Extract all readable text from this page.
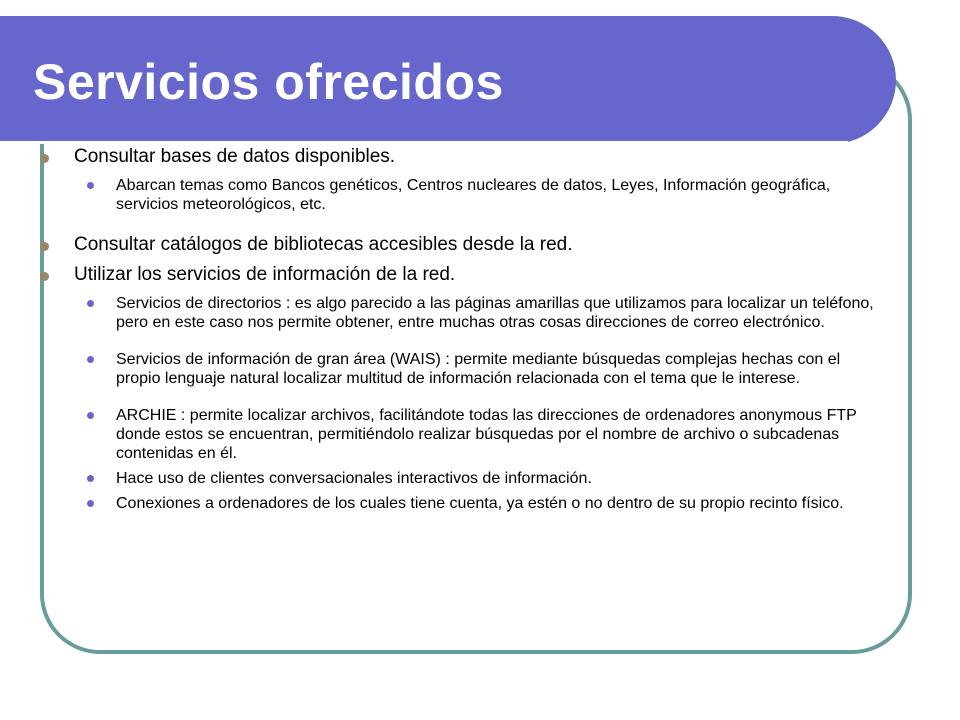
Servicios ofrecidos
Consultar bases de datos disponibles.
Abarcan temas como Bancos genéticos, Centros nucleares de datos, Leyes, Información geográfica, servicios meteorológicos, etc.
Consultar catálogos de bibliotecas accesibles desde la red.
Utilizar los servicios de información de la red.
Servicios de directorios : es algo parecido a las páginas amarillas que utilizamos para localizar un teléfono, pero en este caso nos permite obtener, entre muchas otras cosas direcciones de correo electrónico.
Servicios de información de gran área (WAIS) : permite mediante búsquedas complejas hechas con el propio lenguaje natural localizar multitud de información relacionada con el tema que le interese.
ARCHIE : permite localizar archivos, facilitándote todas las direcciones de ordenadores anonymous FTP donde estos se encuentran, permitiéndolo realizar búsquedas por el nombre de archivo o subcadenas contenidas en él.
Hace uso de clientes conversacionales interactivos de información.
Conexiones a ordenadores de los cuales tiene cuenta, ya estén o no dentro de su propio recinto físico.
